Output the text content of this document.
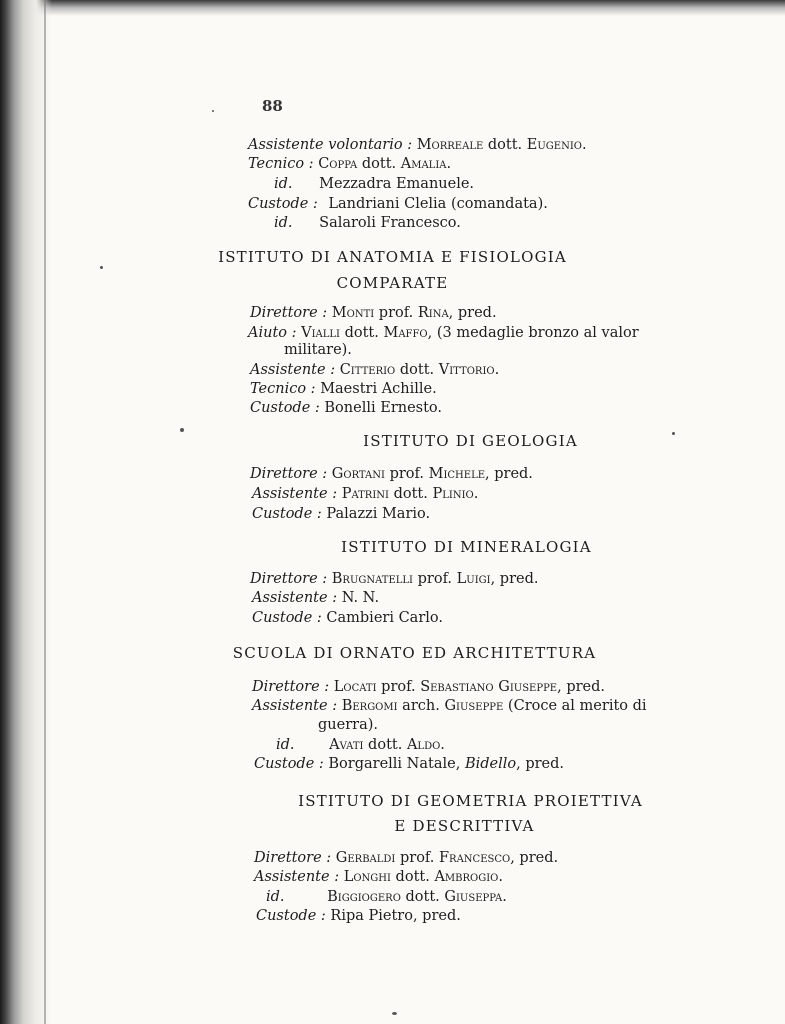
88
Assistente volontario : Morreale dott. Eugenio.
Tecnico : Coppa dott. Amalia.
id. Mezzadra Emanuele.
Custode : Landriani Clelia (comandata).
id. Salaroli Francesco.
ISTITUTO DI ANATOMIA E FISIOLOGIA
COMPARATE
Direttore : Monti prof. Rina, pred.
Aiuto : Vialli dott. Maffo, (3 medaglie bronzo al valor
militare).
Assistente : Citterio dott. Vittorio.
Tecnico : Maestri Achille.
Custode : Bonelli Ernesto.
ISTITUTO DI GEOLOGIA
Direttore : Gortani prof. Michele, pred.
Assistente : Patrini dott. Plinio.
Custode : Palazzi Mario.
ISTITUTO DI MINERALOGIA
Direttore : Brugnatelli prof. Luigi, pred.
Assistente : N. N.
Custode : Cambieri Carlo.
SCUOLA DI ORNATO ED ARCHITETTURA
Direttore : Locati prof. Sebastiano Giuseppe, pred.
Assistente : Bergomi arch. Giuseppe (Croce al merito di
guerra).
id. Avati dott. Aldo.
Custode : Borgarelli Natale, Bidello, pred.
ISTITUTO DI GEOMETRIA PROIETTIVA
E DESCRITTIVA
Direttore : Gerbaldi prof. Francesco, pred.
Assistente : Longhi dott. Ambrogio.
id.	Biggiogero dott. Giuseppa.
Custode : Ripa Pietro, pred.
